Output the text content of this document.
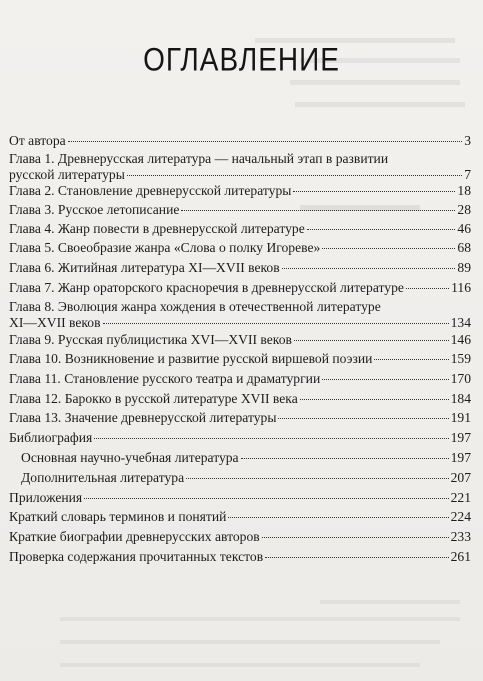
ОГЛАВЛЕНИЕ
От автора	3
Глава 1. Древнерусская литература — начальный этап в развитии
русской литературы	7
Глава 2. Становление древнерусской литературы	18
Глава 3. Русское летописание	28
Глава 4. Жанр повести в древнерусской литературе	46
Глава 5. Своеобразие жанра «Слова о полку Игореве»	68
Глава 6. Житийная литература XI—XVII веков	89
Глава 7. Жанр ораторского красноречия в древнерусской литературе	116
Глава 8. Эволюция жанра хождения в отечественной литературе
XI—XVII веков	134
Глава 9. Русская публицистика XVI—XVII веков	146
Глава 10. Возникновение и развитие русской виршевой поэзии	159
Глава 11. Становление русского театра и драматургии	170
Глава 12. Барокко в русской литературе XVII века	184
Глава 13. Значение древнерусской литературы	191
Библиография	197
Основная научно-учебная литература	197
Дополнительная литература	207
Приложения	221
Краткий словарь терминов и понятий	224
Краткие биографии древнерусских авторов	233
Проверка содержания прочитанных текстов	261
